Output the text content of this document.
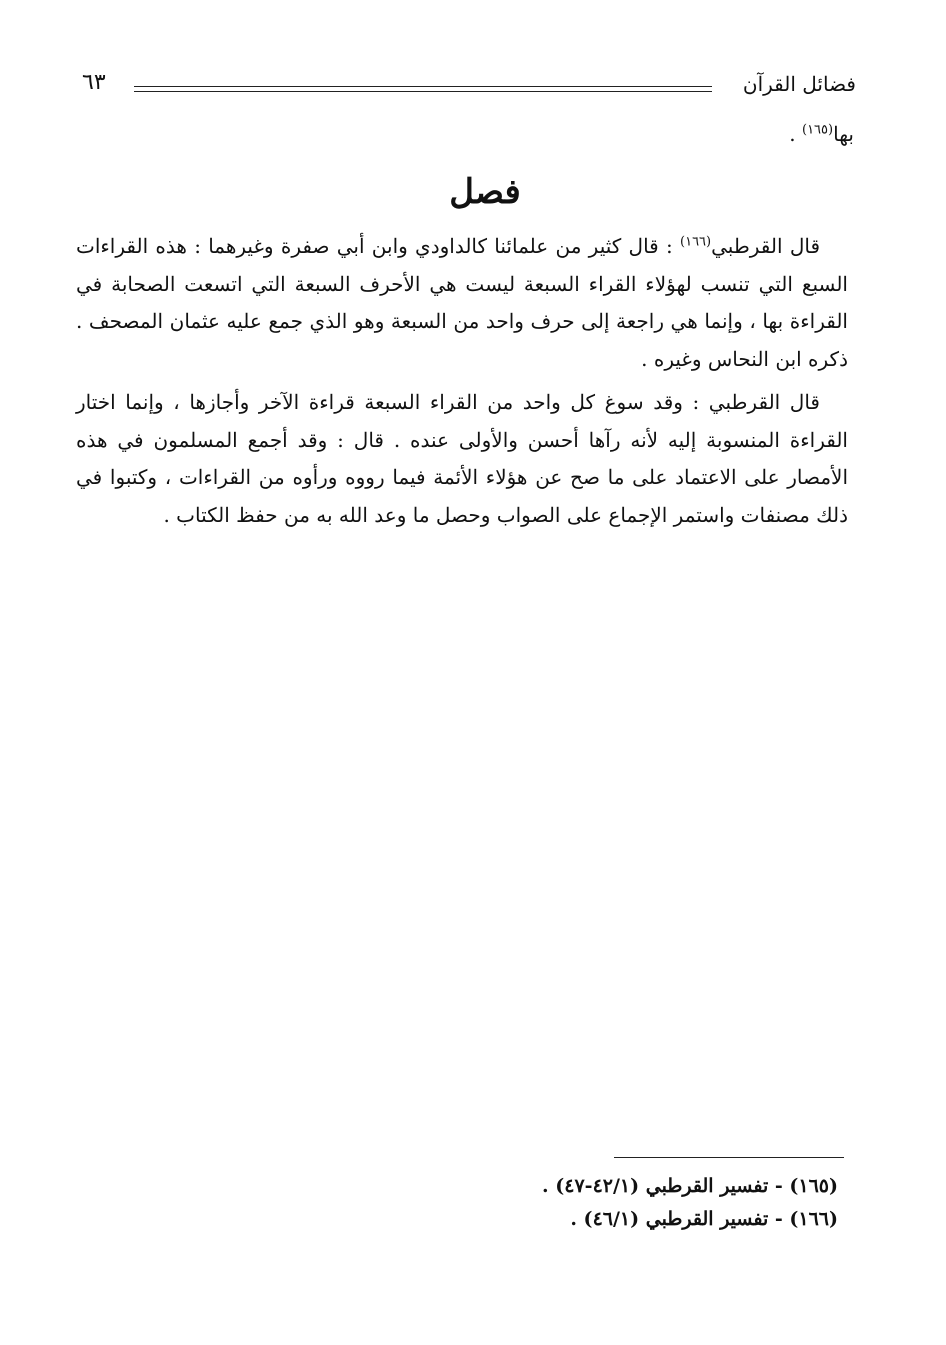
٦٣	فضائل القرآن
بها$^{(١٦٥)}$ .
فصل

قال القرطبي$^{(١٦٦)}$ : قال كثير من علمائنا كالداودي وابن أبي صفرة وغيرهما : هذه القراءات السبع التي تنسب لهؤلاء القراء السبعة ليست هي الأحرف السبعة التي اتسعت الصحابة في القراءة بها ، وإنما هي راجعة إلى حرف واحد من السبعة وهو الذي جمع عليه عثمان المصحف . ذكره ابن النحاس وغيره .

قال القرطبي : وقد سوغ كل واحد من القراء السبعة قراءة الآخر وأجازها ، وإنما اختار القراءة المنسوبة إليه لأنه رآها أحسن والأولى عنده . قال : وقد أجمع المسلمون في هذه الأمصار على الاعتماد على ما صح عن هؤلاء الأئمة فيما رووه ورأوه من القراءات ، وكتبوا في ذلك مصنفات واستمر الإجماع على الصواب وحصل ما وعد الله به من حفظ الكتاب .

(١٦٥) - تفسير القرطبي (٤٢/١-٤٧) .
(١٦٦) - تفسير القرطبي (٤٦/١) .
